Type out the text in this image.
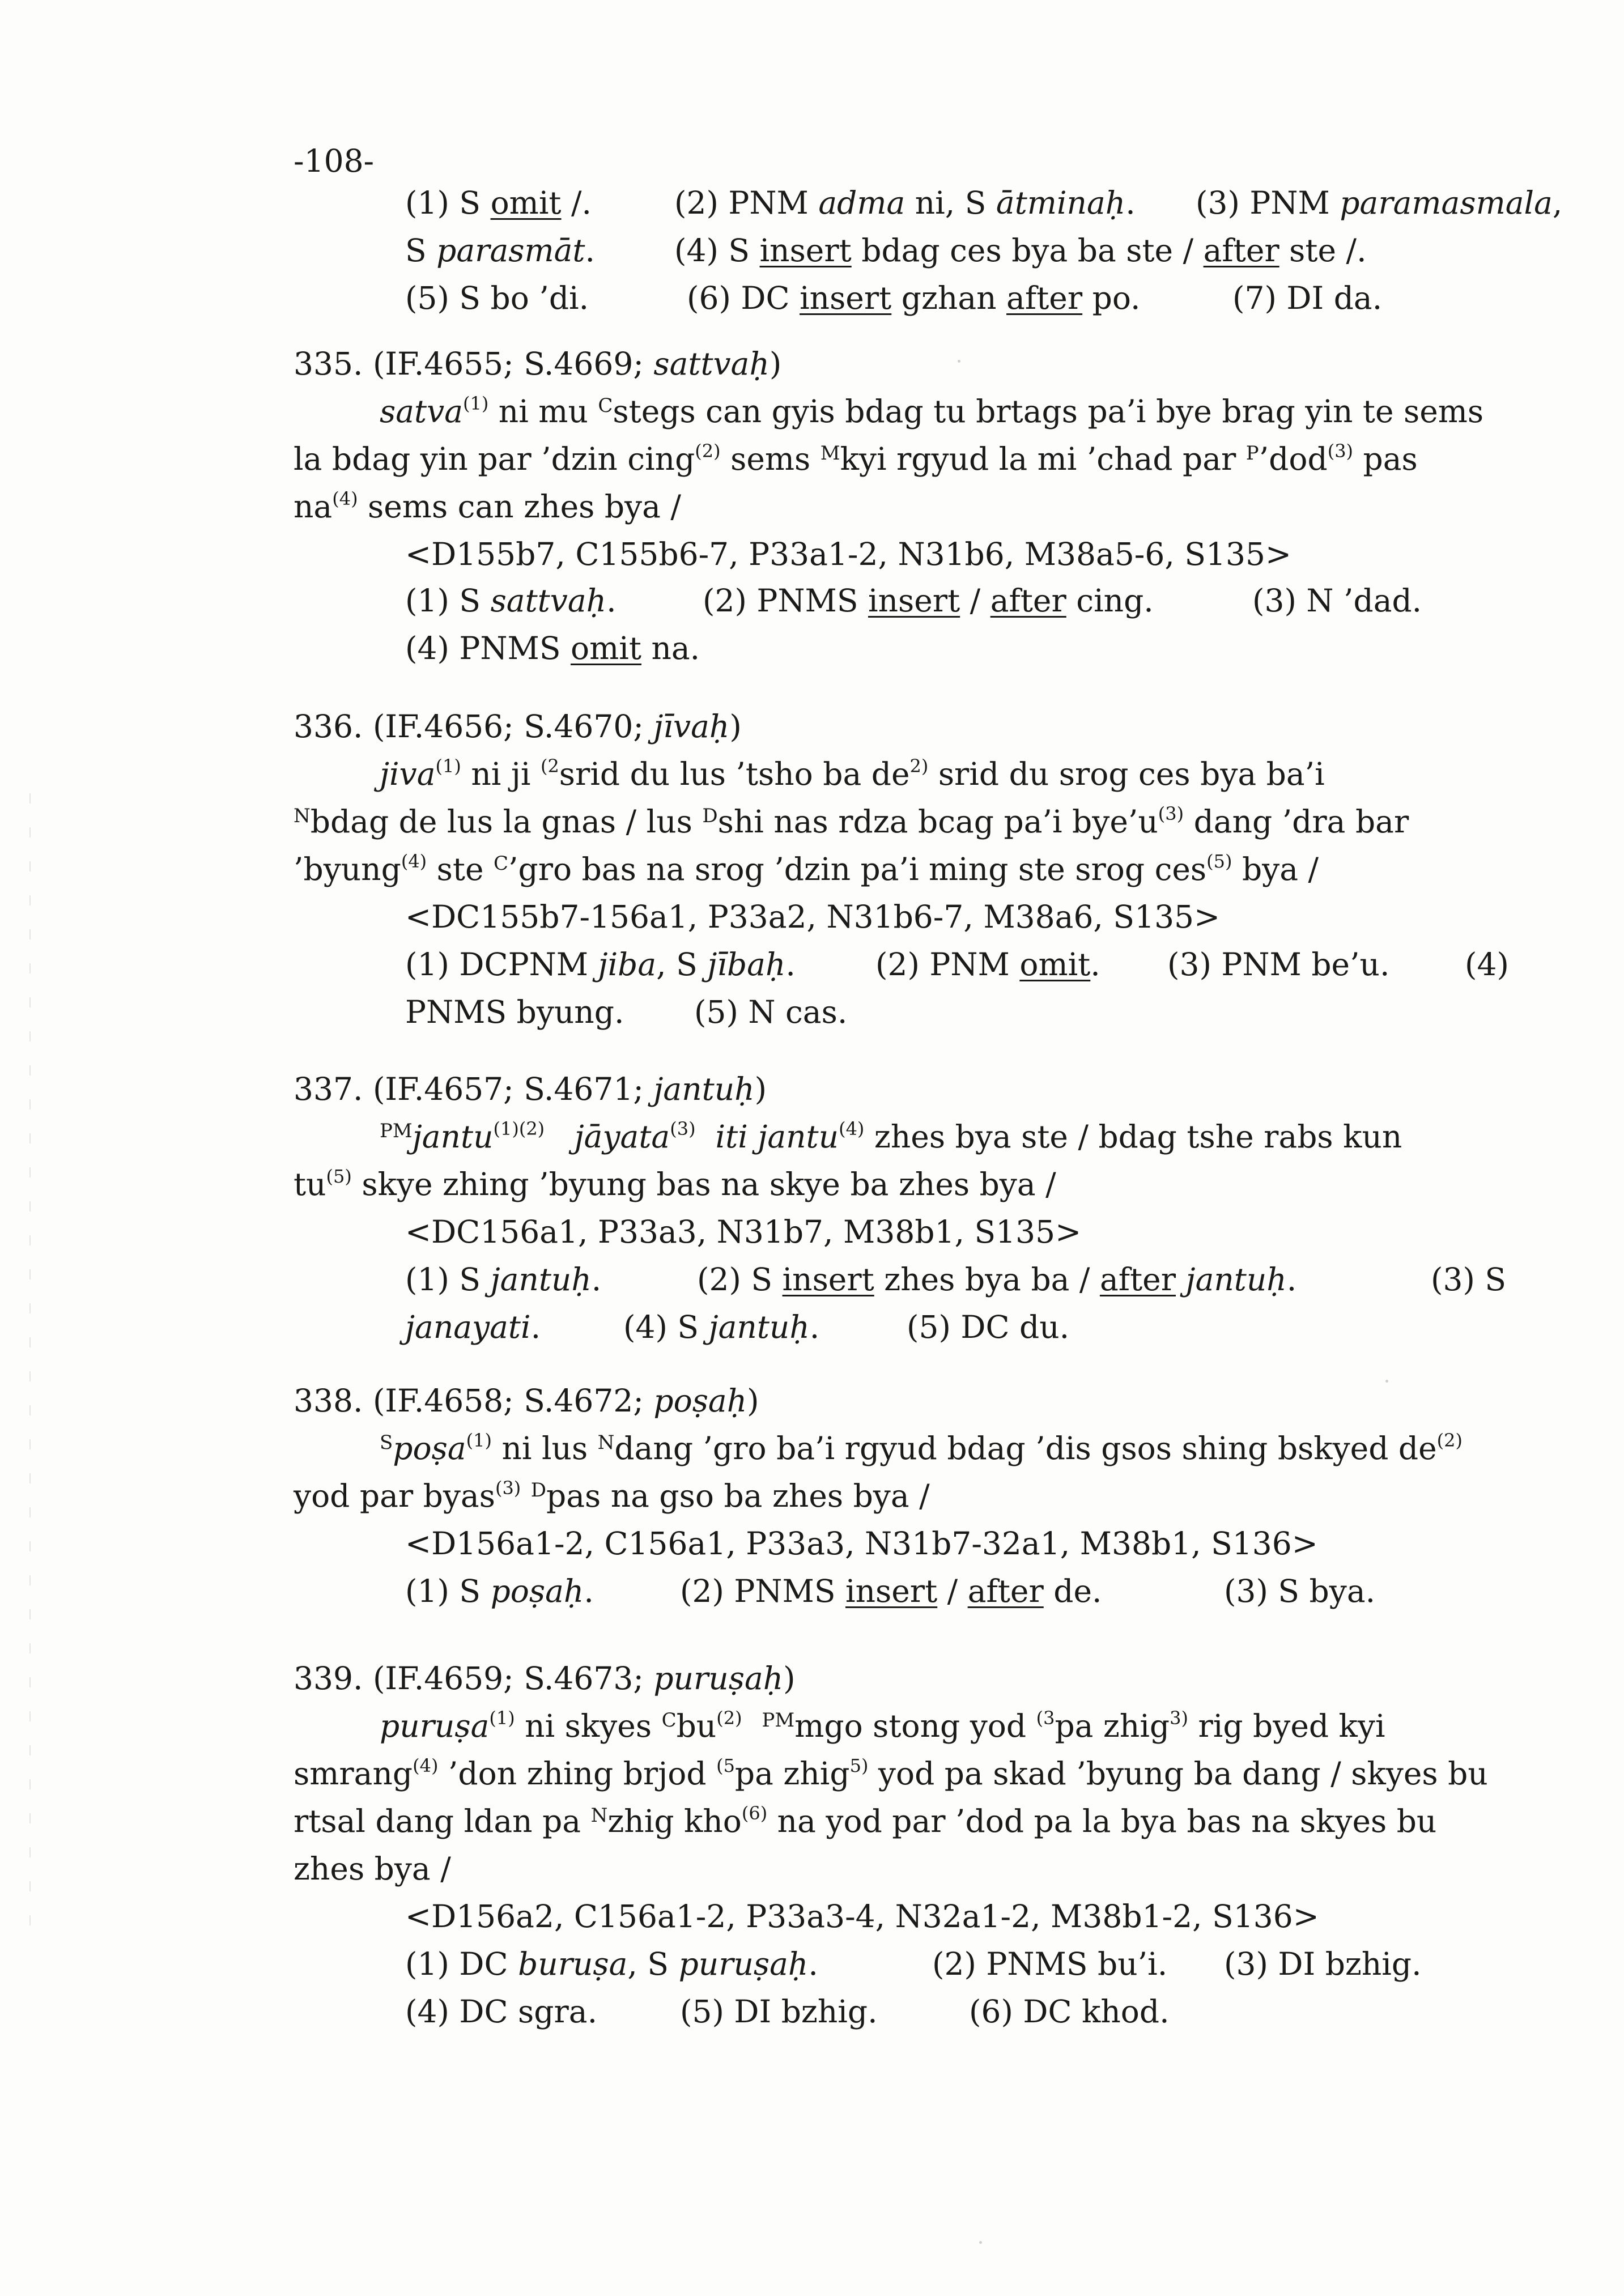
-108-
(1) S omit /.	(2) PNM adma ni, S ātminaḥ. (3) PNM paramasmala,
S parasmāt.	(4) S insert bdag ces bya ba ste / after ste /.
(5) S bo ’di.	(6) DC insert gzhan after po.	(7) DI da.
335. (IF.4655; S.4669; sattvaḥ)
satva$^{(1)}$ ni mu $^C$stegs can gyis bdag tu brtags pa’i bye brag yin te sems
la bdag yin par ’dzin cing$^{(2)}$ sems $^M$kyi rgyud la mi ’chad par $^P$’dod$^{(3)}$ pas
$na^{(4)}$ sems can zhes bya /
<D155b7, C155b6-7, P33a1-2, N31b6, M38a5-6, S135>
(1) S sattvaḥ.	(2) PNMS insert / after cing.	(3) N ’dad.
(4) PNMS omit na.
336. (IF.4656; S.4670; jīvaḥ)
jiva$^{(1)}$ ni ji $^{(2}$srid du lus ’tsho ba $de^{2)}$ srid du srog ces bya ba’i
$^N$bdag de lus la gnas / lus $^D$shi nas rdza bcag pa’i $bye’u^{(3)}$ dang ’dra bar
’byung$^{(4)}$ ste $^C$’gro bas na srog ’dzin pa’i ming ste srog ces$^{(5)}$ bya /
<DC155b7-156a1, P33a2, N31b6-7, M38a6, S135>
(1) DCPNM jiba, S jībaḥ.	(2) PNM omit. (3) PNM be’u. (4)
PNMS byung. (5) N cas.
337. (IF.4657; S.4671; jantuḥ)
$^{PM}$jantu$^{(1)(2)}$ jāyata$^{(3)}$ iti jantu$^{(4)}$ zhes bya ste / bdag tshe rabs kun
$tu^{(5)}$ skye zhing ’byung bas na skye ba zhes bya /
<DC156a1, P33a3, N31b7, M38b1, S135>
(1) S jantuḥ.	(2) S insert zhes bya ba / after jantuḥ.	(3) S
janayati.	(4) S jantuḥ.	(5) DC du.
338. (IF.4658; S.4672; poṣaḥ)
$^S$poṣa$^{(1)}$ ni lus $^N$dang ’gro ba’i rgyud bdag ’dis gsos shing bskyed $de^{(2)}$
yod par byas$^{(3)}$ $^D$pas na gso ba zhes bya /
<D156a1-2, C156a1, P33a3, N31b7-32a1, M38b1, S136>
(1) S poṣaḥ.	(2) PNMS insert / after de.	(3) S bya.
339. (IF.4659; S.4673; puruṣaḥ)
puruṣa$^{(1)}$ ni skyes $^Cbu^{(2)}$ $^{PM}$mgo stong yod $^{(3}$pa zhig$^{3)}$ rig byed kyi
smrang$^{(4)}$ ’don zhing brjod $^{(5}$pa zhig$^{5)}$ yod pa skad ’byung ba dang / skyes bu
rtsal dang ldan pa $^N$zhig kho$^{(6)}$ na yod par ’dod pa la bya bas na skyes bu
zhes bya /
<D156a2, C156a1-2, P33a3-4, N32a1-2, M38b1-2, S136>
(1) DC buruṣa, S puruṣaḥ.	(2) PNMS bu’i. (3) DI bzhig.
(4) DC sgra.	(5) DI bzhig.	(6) DC khod.
